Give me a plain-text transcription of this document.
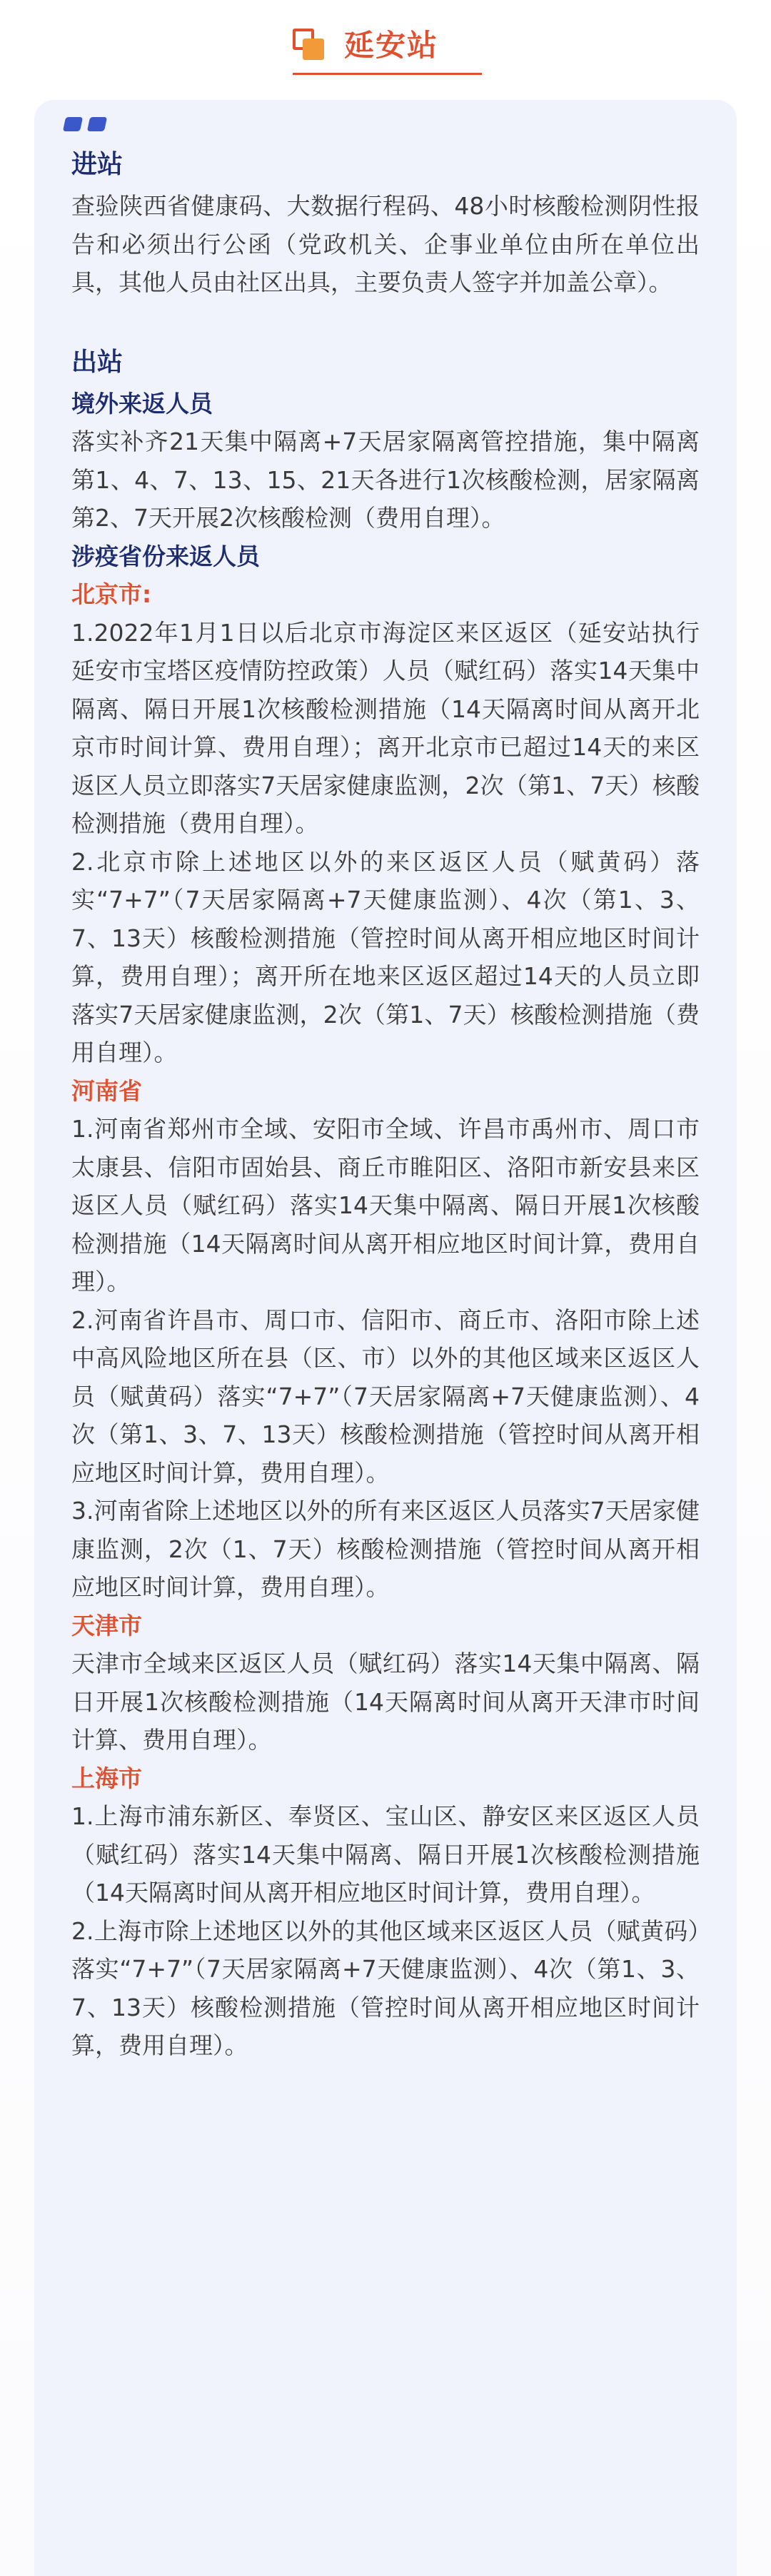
延安站
进站

查验陕西省健康码、大数据行程码、48小时核酸检测阴性报告和必须出行公函（党政机关、企事业单位由所在单位出具，其他人员由社区出具，主要负责人签字并加盖公章）。

出站
境外来返人员

落实补齐21天集中隔离+7天居家隔离管控措施，集中隔离第1、4、7、13、15、21天各进行1次核酸检测，居家隔离第2、7天开展2次核酸检测（费用自理）。

涉疫省份来返人员
北京市:

1.2022年1月1日以后北京市海淀区来区返区（延安站执行延安市宝塔区疫情防控政策）人员（赋红码）落实14天集中隔离、隔日开展1次核酸检测措施（14天隔离时间从离开北京市时间计算、费用自理）；离开北京市已超过14天的来区返区人员立即落实7天居家健康监测，2次（第1、7天）核酸检测措施（费用自理）。

2.北京市除上述地区以外的来区返区人员（赋黄码）落实“7+7”（7天居家隔离+7天健康监测）、4次（第1、3、7、13天）核酸检测措施（管控时间从离开相应地区时间计算，费用自理）；离开所在地来区返区超过14天的人员立即落实7天居家健康监测，2次（第1、7天）核酸检测措施（费用自理）。

河南省

1.河南省郑州市全域、安阳市全域、许昌市禹州市、周口市太康县、信阳市固始县、商丘市睢阳区、洛阳市新安县来区返区人员（赋红码）落实14天集中隔离、隔日开展1次核酸检测措施（14天隔离时间从离开相应地区时间计算，费用自理）。

2.河南省许昌市、周口市、信阳市、商丘市、洛阳市除上述中高风险地区所在县（区、市）以外的其他区域来区返区人员（赋黄码）落实“7+7”（7天居家隔离+7天健康监测）、4次（第1、3、7、13天）核酸检测措施（管控时间从离开相应地区时间计算，费用自理）。

3.河南省除上述地区以外的所有来区返区人员落实7天居家健康监测，2次（1、7天）核酸检测措施（管控时间从离开相应地区时间计算，费用自理）。

天津市

天津市全域来区返区人员（赋红码）落实14天集中隔离、隔日开展1次核酸检测措施（14天隔离时间从离开天津市时间计算、费用自理）。

上海市

1.上海市浦东新区、奉贤区、宝山区、静安区来区返区人员（赋红码）落实14天集中隔离、隔日开展1次核酸检测措施（14天隔离时间从离开相应地区时间计算，费用自理）。

2.上海市除上述地区以外的其他区域来区返区人员（赋黄码）落实“7+7”（7天居家隔离+7天健康监测）、4次（第1、3、7、13天）核酸检测措施（管控时间从离开相应地区时间计算，费用自理）。
